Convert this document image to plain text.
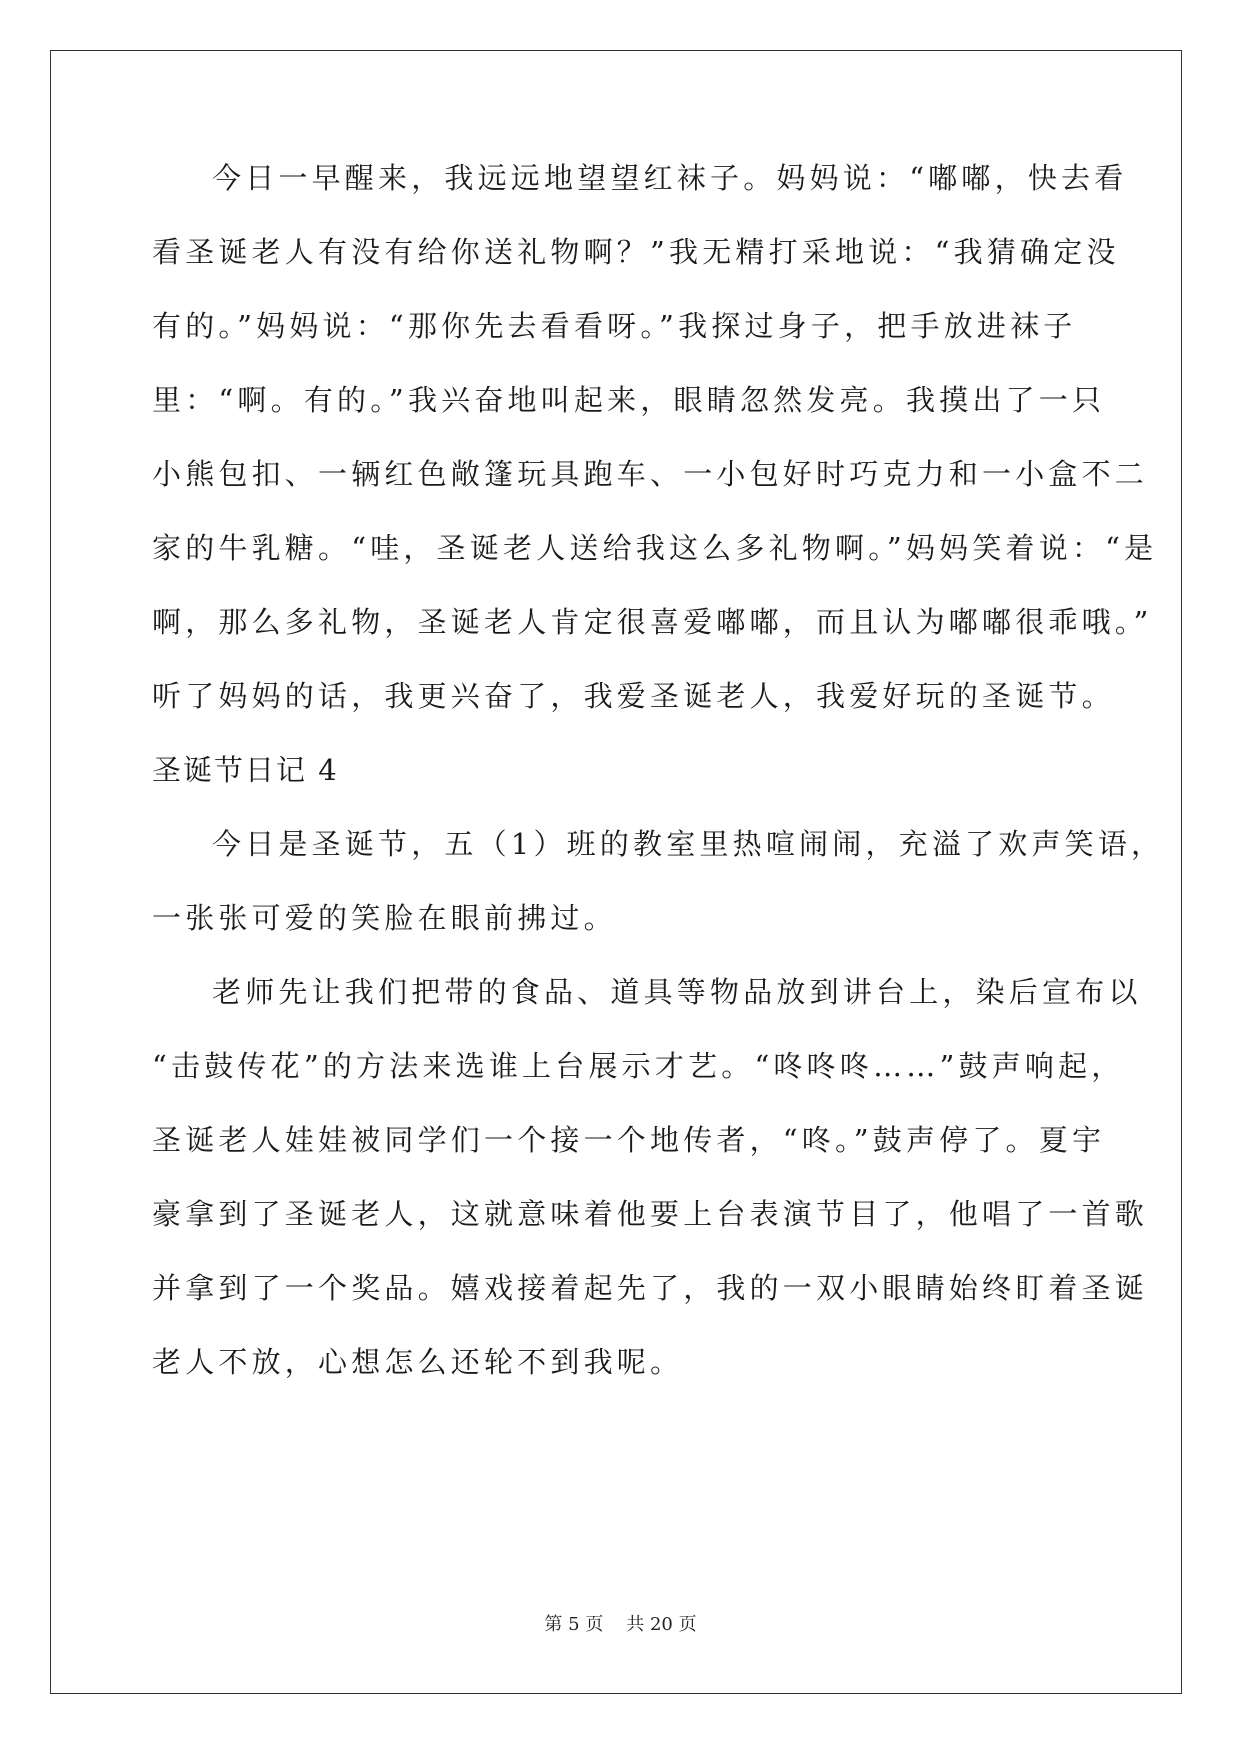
今日一早醒来，我远远地望望红袜子。妈妈说：“嘟嘟，快去看
看圣诞老人有没有给你送礼物啊？”我无精打采地说：“我猜确定没
有的。”妈妈说：“那你先去看看呀。”我探过身子，把手放进袜子
里：“啊。有的。”我兴奋地叫起来，眼睛忽然发亮。我摸出了一只
小熊包扣、一辆红色敞篷玩具跑车、一小包好时巧克力和一小盒不二
家的牛乳糖。“哇，圣诞老人送给我这么多礼物啊。”妈妈笑着说：“是
啊，那么多礼物，圣诞老人肯定很喜爱嘟嘟，而且认为嘟嘟很乖哦。”
听了妈妈的话，我更兴奋了，我爱圣诞老人，我爱好玩的圣诞节。
圣诞节日记 4
今日是圣诞节，五（1）班的教室里热喧闹闹，充溢了欢声笑语，
一张张可爱的笑脸在眼前拂过。
老师先让我们把带的食品、道具等物品放到讲台上，染后宣布以
“击鼓传花”的方法来选谁上台展示才艺。“咚咚咚……”鼓声响起，
圣诞老人娃娃被同学们一个接一个地传者，“咚。”鼓声停了。夏宇
豪拿到了圣诞老人，这就意味着他要上台表演节目了，他唱了一首歌
并拿到了一个奖品。嬉戏接着起先了，我的一双小眼睛始终盯着圣诞
老人不放，心想怎么还轮不到我呢。
第 5 页 共 20 页
